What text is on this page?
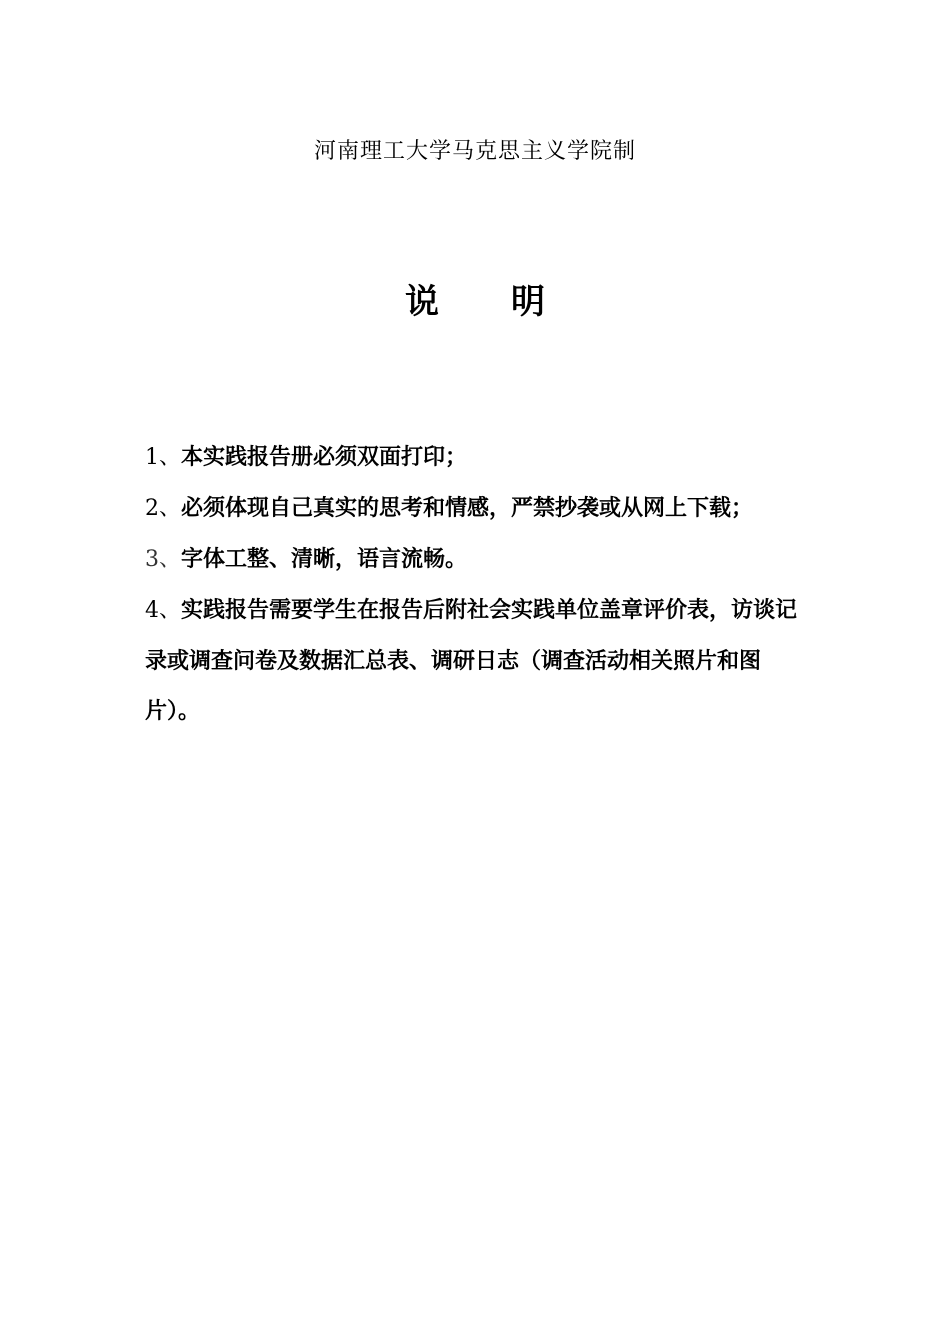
河南理工大学马克思主义学院制
说 明

1、本实践报告册必须双面打印；

2、必须体现自己真实的思考和情感，严禁抄袭或从网上下载；

3、字体工整、清晰，语言流畅。

4、实践报告需要学生在报告后附社会实践单位盖章评价表，访谈记录或调查问卷及数据汇总表、调研日志（调查活动相关照片和图片）。
